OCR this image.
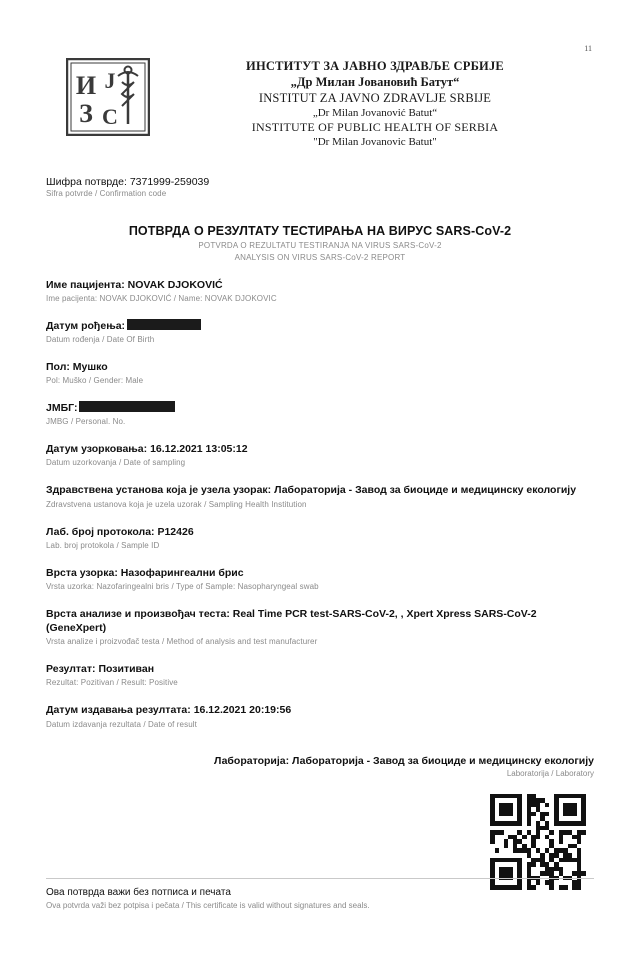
И J
З С
11
ИНСТИТУТ ЗА ЈАВНО ЗДРАВЉЕ СРБИЈЕ
„Др Милан Јовановић Батут“
INSTITUT ZA JAVNO ZDRAVLJE SRBIJE
„Dr Milan Jovanović Batut“
INSTITUTE OF PUBLIC HEALTH OF SERBIA
"Dr Milan Jovanovic Batut"
Шифра потврде: 7371999-259039
Sifra potvrde / Confirmation code
ПОТВРДА О РЕЗУЛТАТУ ТЕСТИРАЊА НА ВИРУС SARS-CoV-2
POTVRDA O REZULTATU TESTIRANJA NA VIRUS SARS-CoV-2
ANALYSIS ON VIRUS SARS-CoV-2 REPORT
Име пацијента: NOVAK DJOKOVIĆ
Ime pacijenta: NOVAK DJOKOVIĆ / Name: NOVAK DJOKOVIC
Датум рођења:
Datum rođenja / Date Of Birth
Пол: Мушко
Pol: Muško / Gender: Male
ЈМБГ:
JMBG / Personal. No.
Датум узорковања: 16.12.2021 13:05:12
Datum uzorkovanja / Date of sampling
Здравствена установа која је узела узорак: Лабораторија - Завод за биоциде и медицинску екологију
Zdravstvena ustanova koja je uzela uzorak / Sampling Health Institution
Лаб. број протокола: P12426
Lab. broj protokola / Sample ID
Врста узорка: Назофарингеални брис
Vrsta uzorka: Nazofaringealni bris / Type of Sample: Nasopharyngeal swab
Врста анализе и произвођач теста: Real Time PCR test-SARS-CoV-2, , Xpert Xpress SARS-CoV-2 (GeneXpert)
Vrsta analize i proizvođač testa / Method of analysis and test manufacturer
Резултат: Позитиван
Rezultat: Pozitivan / Result: Positive
Датум издавања резултата: 16.12.2021 20:19:56
Datum izdavanja rezultata / Date of result
Лабораторија: Лабораторија - Завод за биоциде и медицинску екологију
Laboratorija / Laboratory
Ова потврда важи без потписа и печата
Ova potvrda važi bez potpisa i pečata / This certificate is valid without signatures and seals.
